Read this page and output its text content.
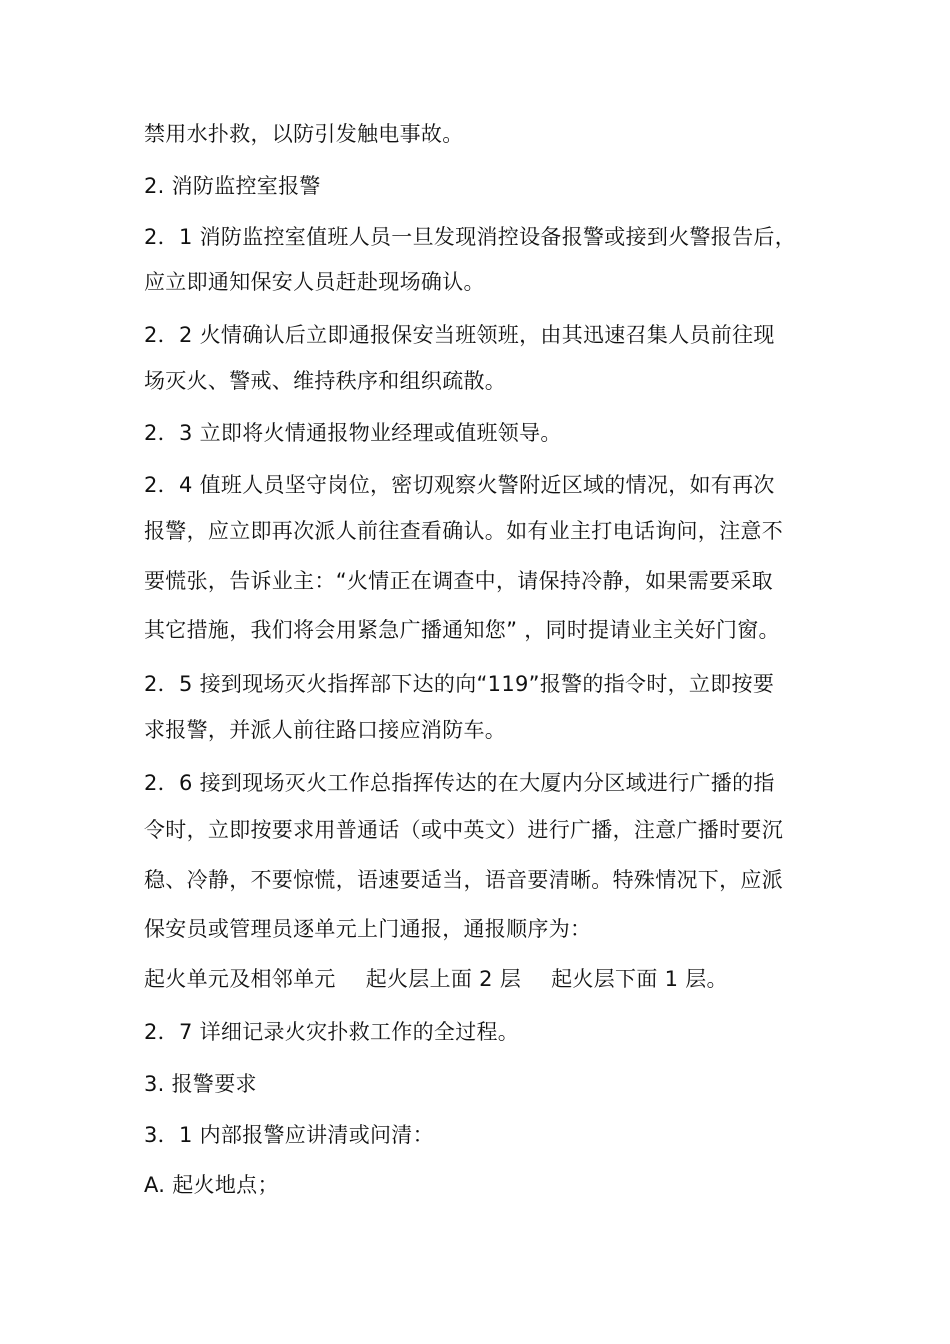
禁用水扑救，以防引发触电事故。
2. 消防监控室报警
2．1 消防监控室值班人员一旦发现消控设备报警或接到火警报告后，
应立即通知保安人员赶赴现场确认。
2．2 火情确认后立即通报保安当班领班，由其迅速召集人员前往现
场灭火、警戒、维持秩序和组织疏散。
2．3 立即将火情通报物业经理或值班领导。
2．4 值班人员坚守岗位，密切观察火警附近区域的情况，如有再次
报警，应立即再次派人前往查看确认。如有业主打电话询问，注意不
要慌张，告诉业主：“火情正在调查中，请保持冷静，如果需要采取
其它措施，我们将会用紧急广播通知您” ，同时提请业主关好门窗。
2．5 接到现场灭火指挥部下达的向“119”报警的指令时，立即按要
求报警，并派人前往路口接应消防车。
2．6 接到现场灭火工作总指挥传达的在大厦内分区域进行广播的指
令时，立即按要求用普通话（或中英文）进行广播，注意广播时要沉
稳、冷静，不要惊慌，语速要适当，语音要清晰。特殊情况下，应派
保安员或管理员逐单元上门通报，通报顺序为：
起火单元及相邻单元 起火层上面 2 层 起火层下面 1 层。
2．7 详细记录火灾扑救工作的全过程。
3. 报警要求
3．1 内部报警应讲清或问清：
A. 起火地点；
